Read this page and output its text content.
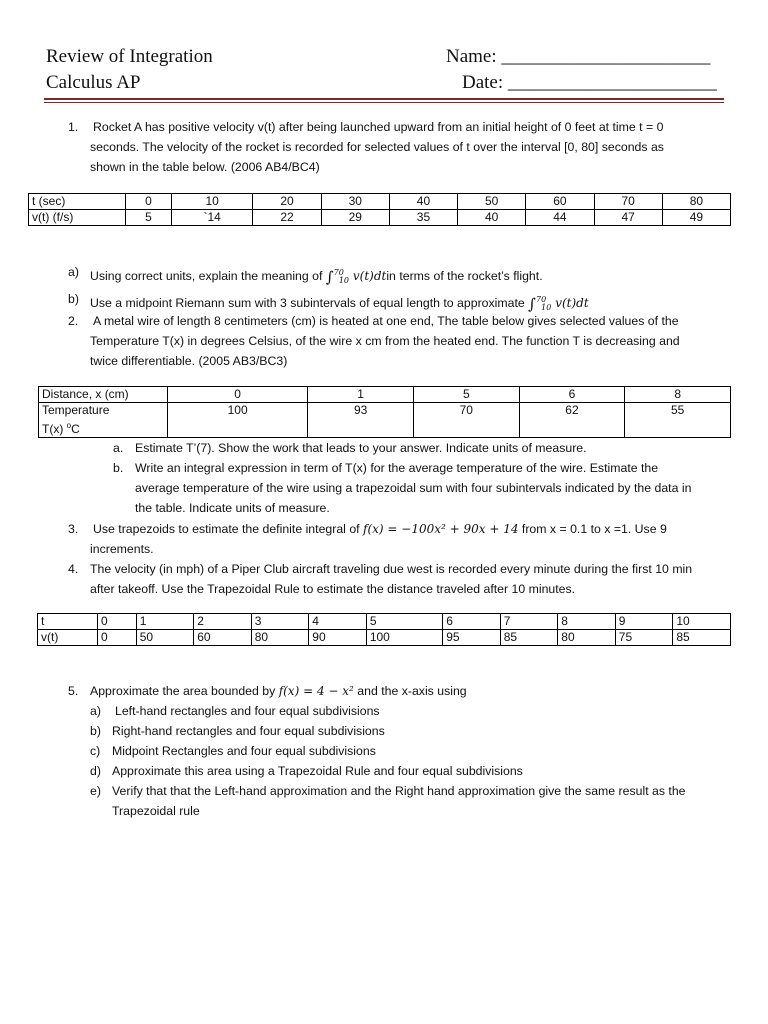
Review of Integration
Calculus AP
Name: ______________________
Date: ______________________
1. Rocket A has positive velocity v(t) after being launched upward from an initial height of 0 feet at time t = 0
seconds. The velocity of the rocket is recorded for selected values of t over the interval [0, 80] seconds as
shown in the table below. (2006 AB4/BC4)
t (sec)	0	10	20	30	40	50	60	70	80
v(t) (f/s)	5	`14	22	29	35	40	44	47	49
a) Using correct units, explain the meaning of ∫$^{70}_{10}$ v(t)dtin terms of the rocket’s flight.
b) Use a midpoint Riemann sum with 3 subintervals of equal length to approximate ∫$^{70}_{10}$ v(t)dt
2. A metal wire of length 8 centimeters (cm) is heated at one end, The table below gives selected values of the
Temperature T(x) in degrees Celsius, of the wire x cm from the heated end. The function T is decreasing and
twice differentiable. (2005 AB3/BC3)
Distance, x (cm)	0	1	5	6	8

Temperature
T(x) $^o$C	100	93	70	62	55
a. Estimate T’(7). Show the work that leads to your answer. Indicate units of measure.
b. Write an integral expression in term of T(x) for the average temperature of the wire. Estimate the
average temperature of the wire using a trapezoidal sum with four subintervals indicated by the data in
the table. Indicate units of measure.
3. Use trapezoids to estimate the definite integral of f(x) = −100x² + 90x + 14 from x = 0.1 to x =1. Use 9
increments.
4. The velocity (in mph) of a Piper Club aircraft traveling due west is recorded every minute during the first 10 min
after takeoff. Use the Trapezoidal Rule to estimate the distance traveled after 10 minutes.
t	0	1	2	3	4	5	6	7	8	9	10
v(t)	0	50	60	80	90	100	95	85	80	75	85
5. Approximate the area bounded by f(x) = 4 − x² and the x-axis using
a) Left-hand rectangles and four equal subdivisions
b) Right-hand rectangles and four equal subdivisions
c) Midpoint Rectangles and four equal subdivisions
d) Approximate this area using a Trapezoidal Rule and four equal subdivisions
e) Verify that that the Left-hand approximation and the Right hand approximation give the same result as the
Trapezoidal rule
